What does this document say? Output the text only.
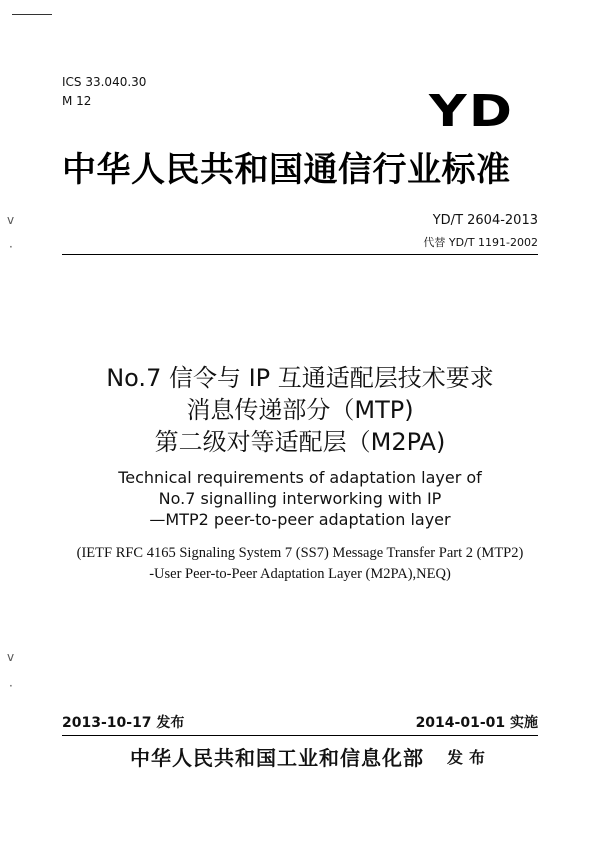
ⅴ
·
ⅴ
·
ICS 33.040.30
M 12	YD
中华人民共和国通信行业标准
YD/T 2604-2013
代替 YD/T 1191-2002
No.7 信令与 IP 互通适配层技术要求
消息传递部分（MTP)
第二级对等适配层（M2PA)
Technical requirements of adaptation layer of
No.7 signalling interworking with IP
—MTP2 peer-to-peer adaptation layer
(IETF RFC 4165 Signaling System 7 (SS7) Message Transfer Part 2 (MTP2)
-User Peer-to-Peer Adaptation Layer (M2PA),NEQ)
2013-10-17 发布	2014-01-01 实施
中华人民共和国工业和信息化部 发布
